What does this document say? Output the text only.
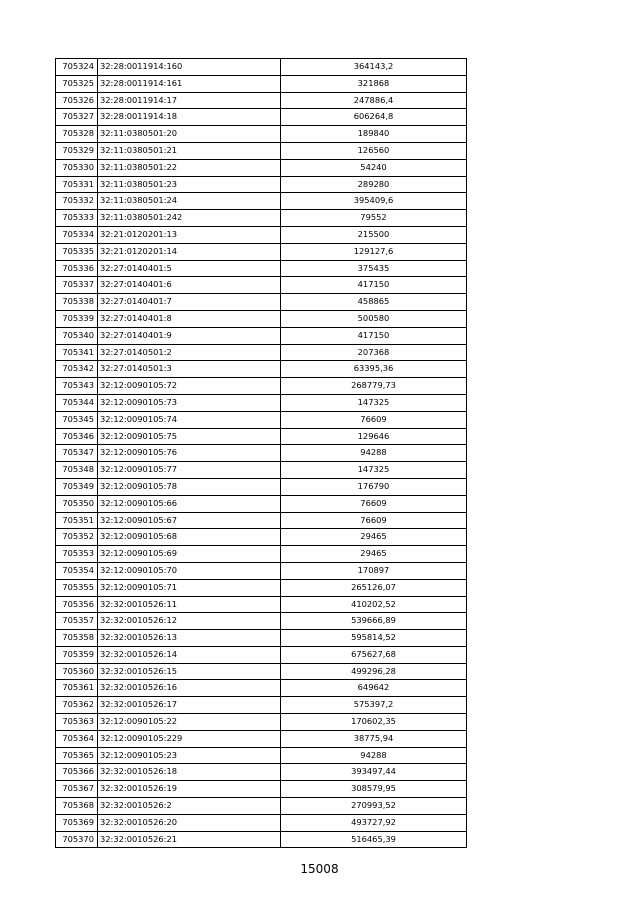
705324	32:28:0011914:160	364143,2
705325	32:28:0011914:161	321868
705326	32:28:0011914:17	247886,4
705327	32:28:0011914:18	606264,8
705328	32:11:0380501:20	189840
705329	32:11:0380501:21	126560
705330	32:11:0380501:22	54240
705331	32:11:0380501:23	289280
705332	32:11:0380501:24	395409,6
705333	32:11:0380501:242	79552
705334	32:21:0120201:13	215500
705335	32:21:0120201:14	129127,6
705336	32:27:0140401:5	375435
705337	32:27:0140401:6	417150
705338	32:27:0140401:7	458865
705339	32:27:0140401:8	500580
705340	32:27:0140401:9	417150
705341	32:27:0140501:2	207368
705342	32:27:0140501:3	63395,36
705343	32:12:0090105:72	268779,73
705344	32:12:0090105:73	147325
705345	32:12:0090105:74	76609
705346	32:12:0090105:75	129646
705347	32:12:0090105:76	94288
705348	32:12:0090105:77	147325
705349	32:12:0090105:78	176790
705350	32:12:0090105:66	76609
705351	32:12:0090105:67	76609
705352	32:12:0090105:68	29465
705353	32:12:0090105:69	29465
705354	32:12:0090105:70	170897
705355	32:12:0090105:71	265126,07
705356	32:32:0010526:11	410202,52
705357	32:32:0010526:12	539666,89
705358	32:32:0010526:13	595814,52
705359	32:32:0010526:14	675627,68
705360	32:32:0010526:15	499296,28
705361	32:32:0010526:16	649642
705362	32:32:0010526:17	575397,2
705363	32:12:0090105:22	170602,35
705364	32:12:0090105:229	38775,94
705365	32:12:0090105:23	94288
705366	32:32:0010526:18	393497,44
705367	32:32:0010526:19	308579,95
705368	32:32:0010526:2	270993,52
705369	32:32:0010526:20	493727,92
705370	32:32:0010526:21	516465,39
15008
